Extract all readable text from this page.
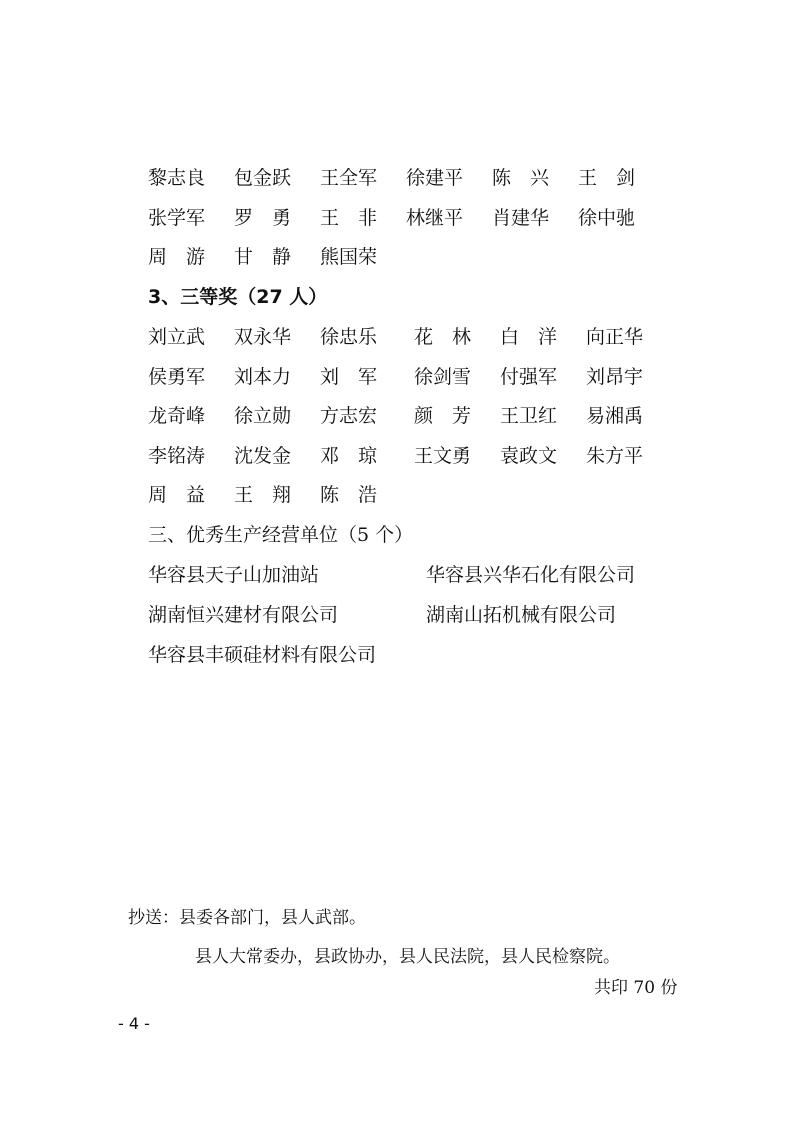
黎志良 包金跃 王全军 徐建平 陈　兴 王　剑
张学军 罗　勇 王　非 林继平 肖建华 徐中驰
周　游 甘　静 熊国荣
3、三等奖（27 人）
刘立武 双永华 徐忠乐 花　林 白　洋 向正华
侯勇军 刘本力 刘　军 徐剑雪 付强军 刘昂宇
龙奇峰 徐立勋 方志宏 颜　芳 王卫红 易湘禹
李铭涛 沈发金 邓　琼 王文勇 袁政文 朱方平
周　益 王　翔 陈　浩
三、优秀生产经营单位（5 个）
华容县天子山加油站	华容县兴华石化有限公司
湖南恒兴建材有限公司	湖南山拓机械有限公司
华容县丰硕硅材料有限公司
抄送：县委各部门，县人武部。
县人大常委办，县政协办，县人民法院，县人民检察院。
共印 70 份
- 4 -
